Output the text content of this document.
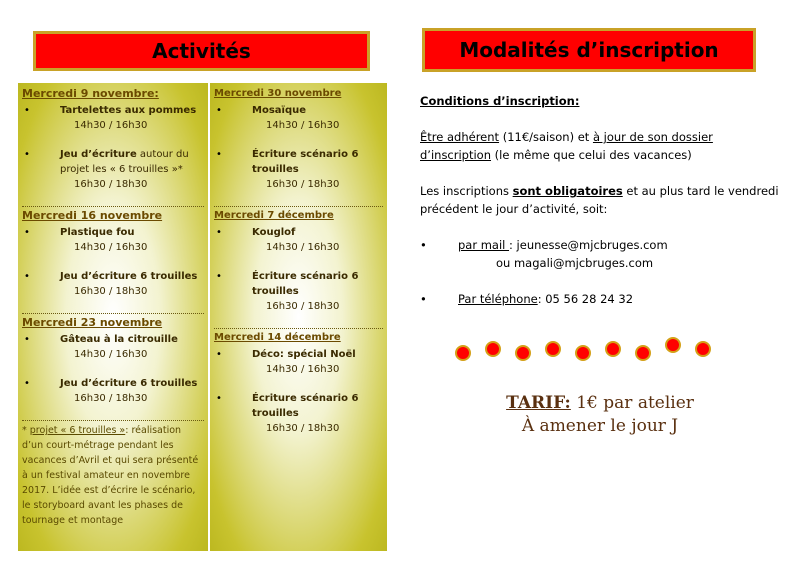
Activités	Modalités d’inscription
Mercredi 9 novembre:
•	Tartelettes aux pommes
14h30 / 16h30
•	Jeu d’écriture autour du projet les « 6 trouilles »*
16h30 / 18h30
Mercredi 16 novembre
•	Plastique fou
14h30 / 16h30
•	Jeu d’écriture 6 trouilles
16h30 / 18h30
Mercredi 23 novembre
•	Gâteau à la citrouille
14h30 / 16h30
•	Jeu d’écriture 6 trouilles
16h30 / 18h30
* projet « 6 trouilles »: réalisation d’un court-métrage pendant les vacances d’Avril et qui sera présenté à un festival amateur en novembre 2017. L’idée est d’écrire le scénario, le storyboard avant les phases de tournage et montage
Mercredi 30 novembre
•	Mosaïque
14h30 / 16h30
•	Écriture scénario 6 trouilles
16h30 / 18h30
Mercredi 7 décembre
•	Kouglof
14h30 / 16h30
•	Écriture scénario 6 trouilles
16h30 / 18h30
Mercredi 14 décembre
•	Déco: spécial Noël
14h30 / 16h30
•	Écriture scénario 6 trouilles
16h30 / 18h30

Conditions d’inscription:

Être adhérent (11€/saison) et à jour de son dossier d’inscription (le même que celui des vacances)

Les inscriptions sont obligatoires et au plus tard le vendredi précédent le jour d’activité, soit:

•	par mail : jeunesse@mjcbruges.com
ou magali@mjcbruges.com
•	Par téléphone: 05 56 28 24 32
TARIF: 1€ par atelier
À amener le jour J
